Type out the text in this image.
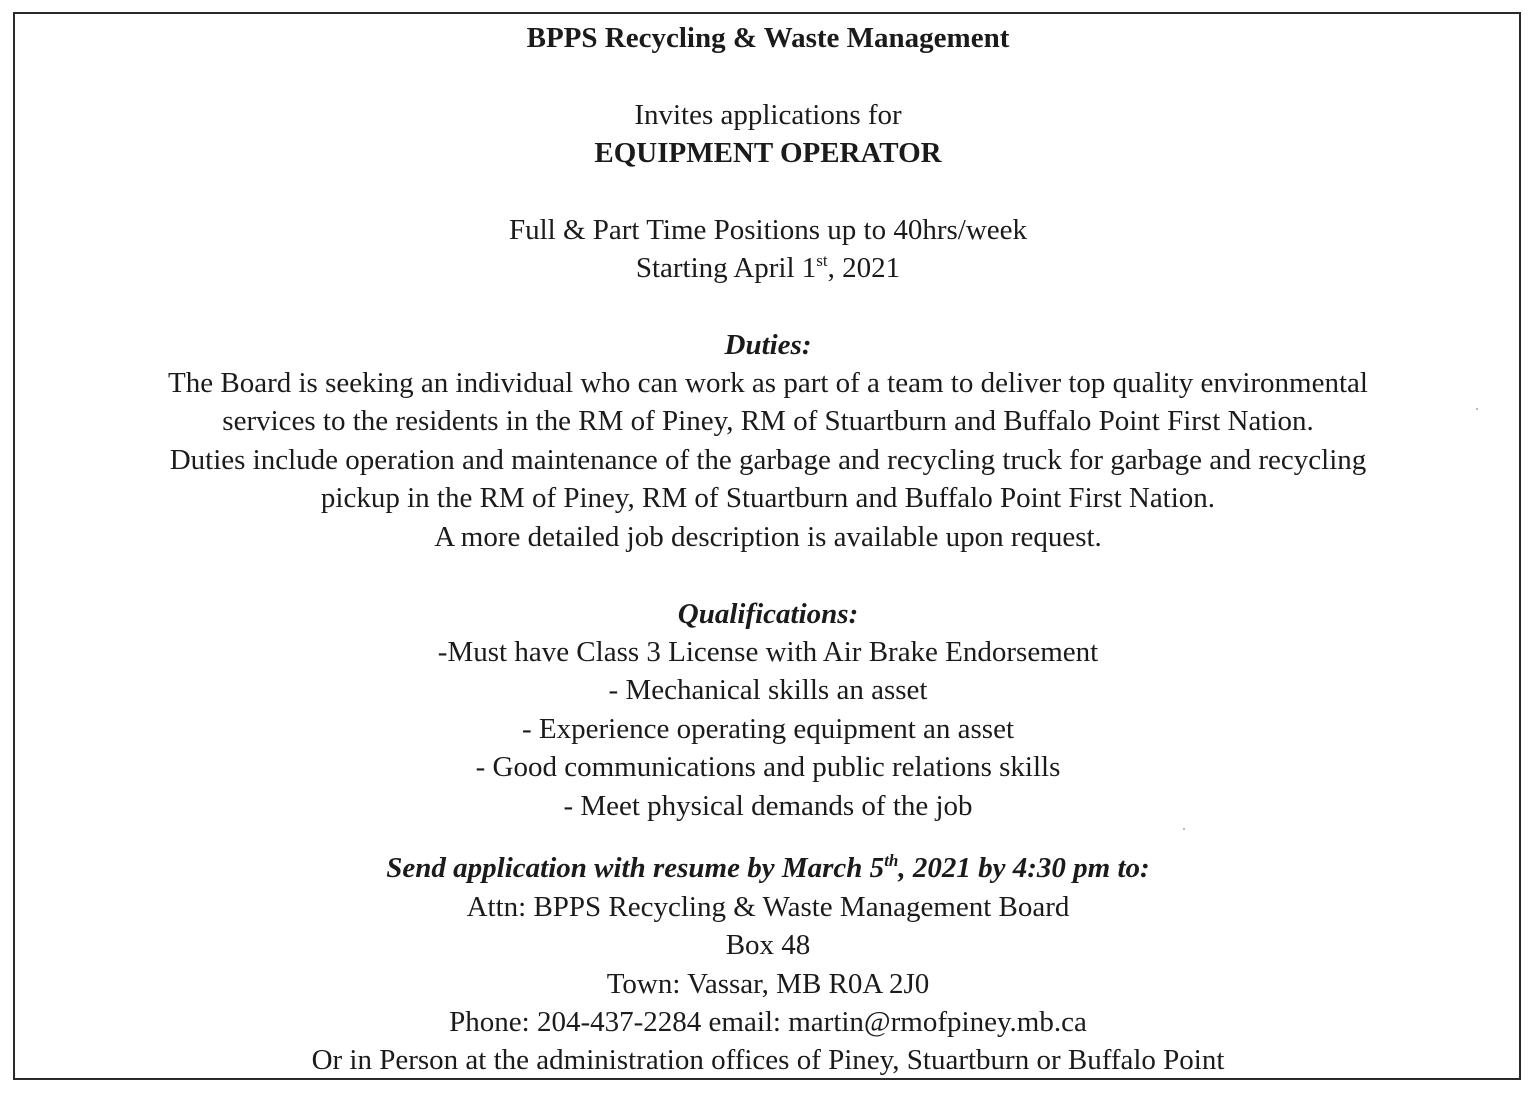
BPPS Recycling & Waste Management
Invites applications for
EQUIPMENT OPERATOR
Full & Part Time Positions up to 40hrs/week
Starting April 1st, 2021
Duties:
The Board is seeking an individual who can work as part of a team to deliver top quality environmental
services to the residents in the RM of Piney, RM of Stuartburn and Buffalo Point First Nation.
Duties include operation and maintenance of the garbage and recycling truck for garbage and recycling
pickup in the RM of Piney, RM of Stuartburn and Buffalo Point First Nation.
A more detailed job description is available upon request.
Qualifications:
-Must have Class 3 License with Air Brake Endorsement
- Mechanical skills an asset
- Experience operating equipment an asset
- Good communications and public relations skills
- Meet physical demands of the job
Send application with resume by March 5th, 2021 by 4:30 pm to:
Attn: BPPS Recycling & Waste Management Board
Box 48
Town: Vassar, MB R0A 2J0
Phone: 204-437-2284 email: martin@rmofpiney.mb.ca
Or in Person at the administration offices of Piney, Stuartburn or Buffalo Point
